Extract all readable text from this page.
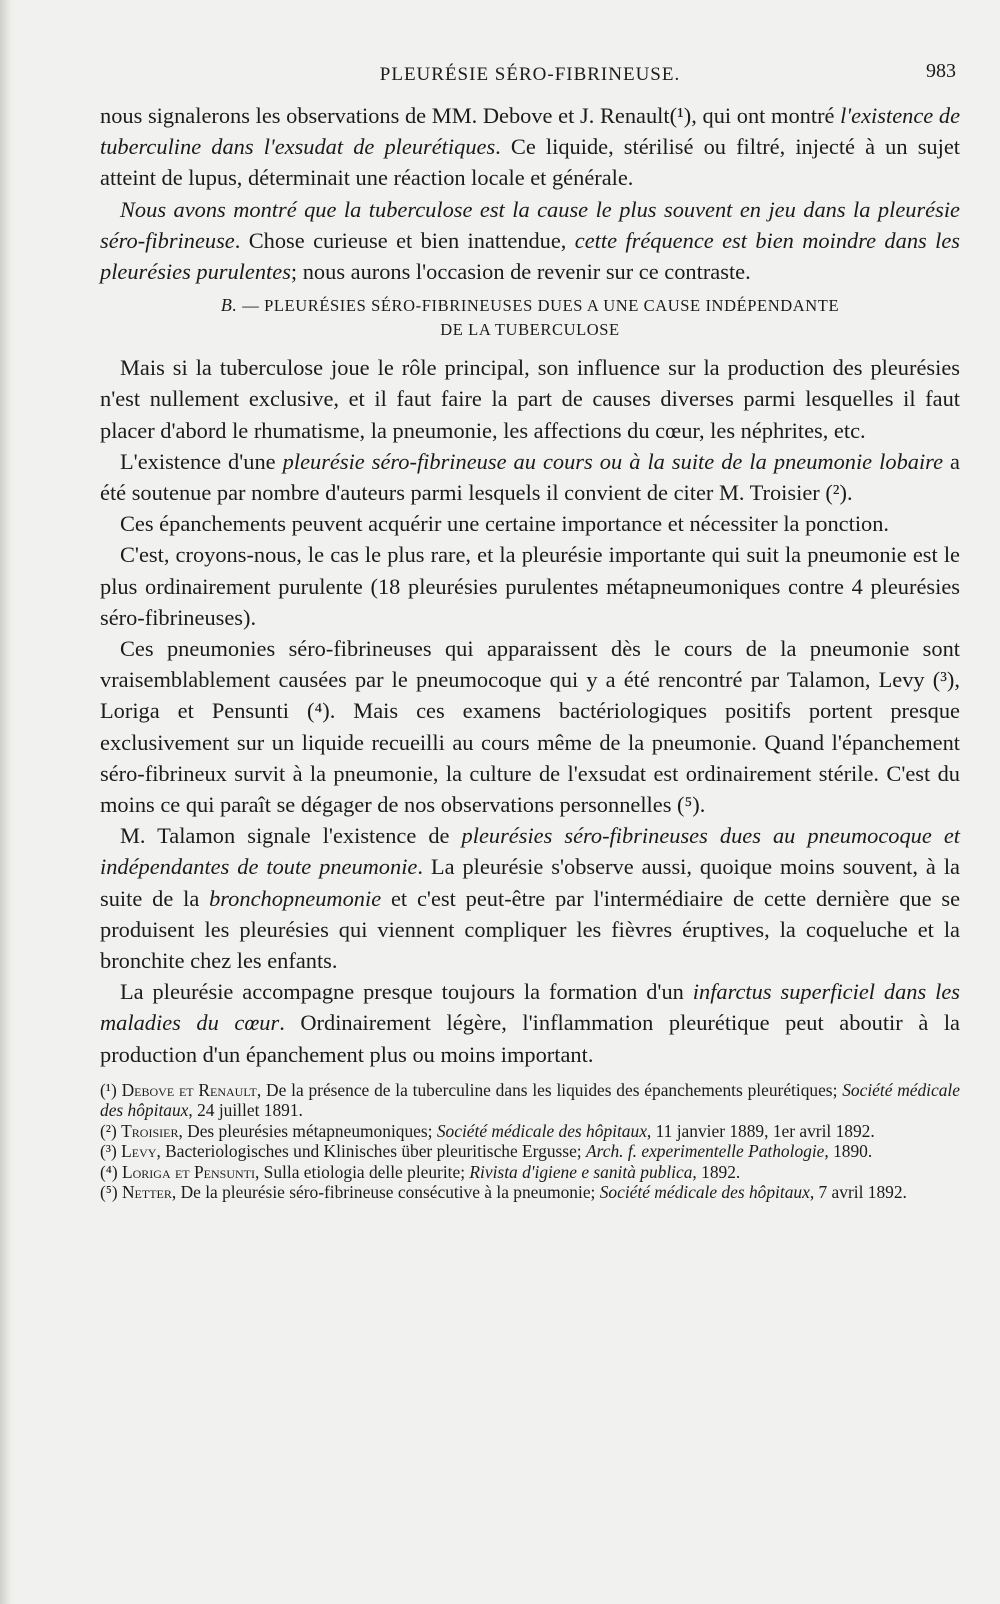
PLEURÉSIE SÉRO-FIBRINEUSE.	983

nous signalerons les observations de MM. Debove et J. Renault(¹), qui ont montré l'existence de tuberculine dans l'exsudat de pleurétiques. Ce liquide, stérilisé ou filtré, injecté à un sujet atteint de lupus, déterminait une réaction locale et générale.

Nous avons montré que la tuberculose est la cause le plus souvent en jeu dans la pleurésie séro-fibrineuse. Chose curieuse et bien inattendue, cette fréquence est bien moindre dans les pleurésies purulentes; nous aurons l'occasion de revenir sur ce contraste.

B. — PLEURÉSIES SÉRO-FIBRINEUSES DUES A UNE CAUSE INDÉPENDANTE
DE LA TUBERCULOSE

Mais si la tuberculose joue le rôle principal, son influence sur la production des pleurésies n'est nullement exclusive, et il faut faire la part de causes diverses parmi lesquelles il faut placer d'abord le rhumatisme, la pneumonie, les affections du cœur, les néphrites, etc.

L'existence d'une pleurésie séro-fibrineuse au cours ou à la suite de la pneumonie lobaire a été soutenue par nombre d'auteurs parmi lesquels il convient de citer M. Troisier (²).

Ces épanchements peuvent acquérir une certaine importance et nécessiter la ponction.

C'est, croyons-nous, le cas le plus rare, et la pleurésie importante qui suit la pneumonie est le plus ordinairement purulente (18 pleurésies purulentes métapneumoniques contre 4 pleurésies séro-fibrineuses).

Ces pneumonies séro-fibrineuses qui apparaissent dès le cours de la pneumonie sont vraisemblablement causées par le pneumocoque qui y a été rencontré par Talamon, Levy (³), Loriga et Pensunti (⁴). Mais ces examens bactériologiques positifs portent presque exclusivement sur un liquide recueilli au cours même de la pneumonie. Quand l'épanchement séro-fibrineux survit à la pneumonie, la culture de l'exsudat est ordinairement stérile. C'est du moins ce qui paraît se dégager de nos observations personnelles (⁵).

M. Talamon signale l'existence de pleurésies séro-fibrineuses dues au pneumocoque et indépendantes de toute pneumonie. La pleurésie s'observe aussi, quoique moins souvent, à la suite de la bronchopneumonie et c'est peut-être par l'intermédiaire de cette dernière que se produisent les pleurésies qui viennent compliquer les fièvres éruptives, la coqueluche et la bronchite chez les enfants.

La pleurésie accompagne presque toujours la formation d'un infarctus superficiel dans les maladies du cœur. Ordinairement légère, l'inflammation pleurétique peut aboutir à la production d'un épanchement plus ou moins important.

(¹) Debove et Renault, De la présence de la tuberculine dans les liquides des épanchements pleurétiques; Société médicale des hôpitaux, 24 juillet 1891.

(²) Troisier, Des pleurésies métapneumoniques; Société médicale des hôpitaux, 11 janvier 1889, 1er avril 1892.

(³) Levy, Bacteriologisches und Klinisches über pleuritische Ergusse; Arch. f. experimentelle Pathologie, 1890.

(⁴) Loriga et Pensunti, Sulla etiologia delle pleurite; Rivista d'igiene e sanità publica, 1892.

(⁵) Netter, De la pleurésie séro-fibrineuse consécutive à la pneumonie; Société médicale des hôpitaux, 7 avril 1892.
